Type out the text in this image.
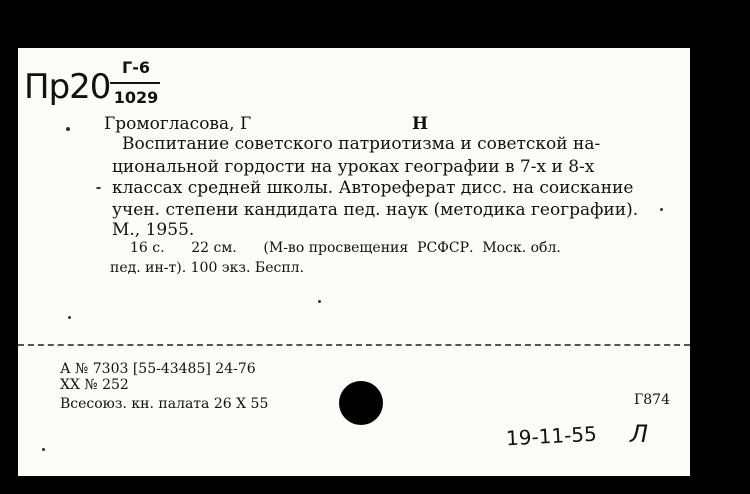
Пр20 Г-6
1029
Громогласова, Г	Н
Воспитание советского патриотизма и советской на-
циональной гордости на уроках географии в 7-х и 8-х
классах средней школы. Автореферат дисс. на соискание
учен. степени кандидата пед. наук (методика географии).
М., 1955.
16 с.      22 см.      (М-во просвещения  РСФСР.  Моск. обл.
пед. ин-т). 100 экз. Беспл.
А № 7303 [55-43485] 24-76
XX № 252
Всесоюз. кн. палата 26 X 55	Г874
19-11-55 Л
